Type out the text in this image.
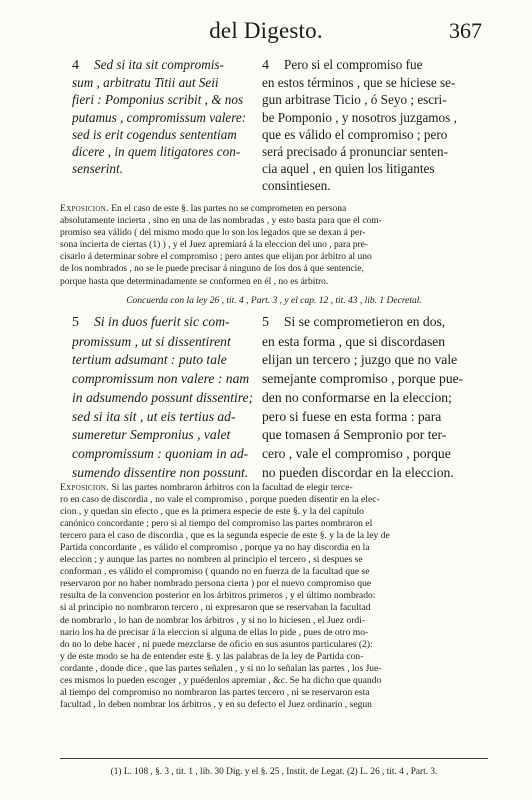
del Digesto.	367
4 Sed si ita sit compromis-
sum , arbitratu Titii aut Seii
fieri : Pomponius scribit , & nos
putamus , compromissum valere:
sed is erit cogendus sententiam
dicere , in quem litigatores con-
senserint.
4 Pero si el compromiso fue
en estos términos , que se hiciese se-
gun arbitrase Ticio , ó Seyo ; escri-
be Pomponio , y nosotros juzgamos ,
que es válido el compromiso ; pero
será precisado á pronunciar senten-
cia aquel , en quien los litigantes
consintiesen.
Exposicion. En el caso de este §. las partes no se comprometen en persona
absolutamente incierta , sino en una de las nombradas , y esto basta para que el com-
promiso sea válido ( del mismo modo que lo son los legados que se dexan á per-
sona incierta de ciertas (1) ) , y el Juez apremiará á la eleccion del uno , para pre-
cisarlo á determinar sobre el compromiso ; pero antes que elijan por árbitro al uno
de los nombrados , no se le puede precisar á ninguno de los dos á que sentencie,
porque hasta que determinadamente se conformen en él , no es árbitro.
Concuerda con la ley 26 , tit. 4 , Part. 3 , y el cap. 12 , tit. 43 , lib. 1 Decretal.
5 Si in duos fuerit sic com-
promissum , ut si dissentirent
tertium adsumant : puto tale
compromissum non valere : nam
in adsumendo possunt dissentire;
sed si ita sit , ut eis tertius ad-
sumeretur Sempronius , valet
compromissum : quoniam in ad-
sumendo dissentire non possunt.
5 Si se comprometieron en dos,
en esta forma , que si discordasen
elijan un tercero ; juzgo que no vale
semejante compromiso , porque pue-
den no conformarse en la eleccion;
pero si fuese en esta forma : para
que tomasen á Sempronio por ter-
cero , vale el compromiso , porque
no pueden discordar en la eleccion.
Exposicion. Si las partes nombraron árbitros con la facultad de elegir terce-
ro en caso de discordia , no vale el compromiso , porque pueden disentir en la elec-
cion , y quedan sin efecto , que es la primera especie de este §. y la del capítulo
canónico concordante ; pero si al tiempo del compromiso las partes nombraron el
tercero para el caso de discordia , que es la segunda especie de este §. y la de la ley de
Partida concordante , es válido el compromiso , porque ya no hay discordia en la
eleccion ; y aunque las partes no nombren al principio el tercero , si despues se
conforman , es válido el compromiso ( quando no en fuerza de la facultad que se
reservaron por no haber nombrado persona cierta ) por el nuevo compromiso que
resulta de la convencion posterior en los árbitros primeros , y el último nombrado:
si al principio no nombraron tercero , ni expresaron que se reservaban la facultad
de nombrarlo , lo han de nombrar los árbitros , y si no lo hiciesen , el Juez ordi-
nario los ha de precisar á la eleccion si alguna de ellas lo pide , pues de otro mo-
do no lo debe hacer , ni puede mezclarse de oficio en sus asuntos particulares (2):
y de este modo se ha de entender este §. y las palabras de la ley de Partida con-
cordante , donde dice , que las partes señalen , y si no lo señalan las partes , los Jue-
ces mismos lo pueden escoger , y puédenlos apremiar , &c. Se ha dicho que quando
al tiempo del compromiso no nombraron las partes tercero , ni se reservaron esta
facultad , lo deben nombrar los árbitros , y en su defecto el Juez ordinario , segun
(1) L. 108 , §. 3 , tit. 1 , lib. 30 Dig. y el §. 25 , Instit. de Legat. (2) L. 26 , tit. 4 , Part. 3.
